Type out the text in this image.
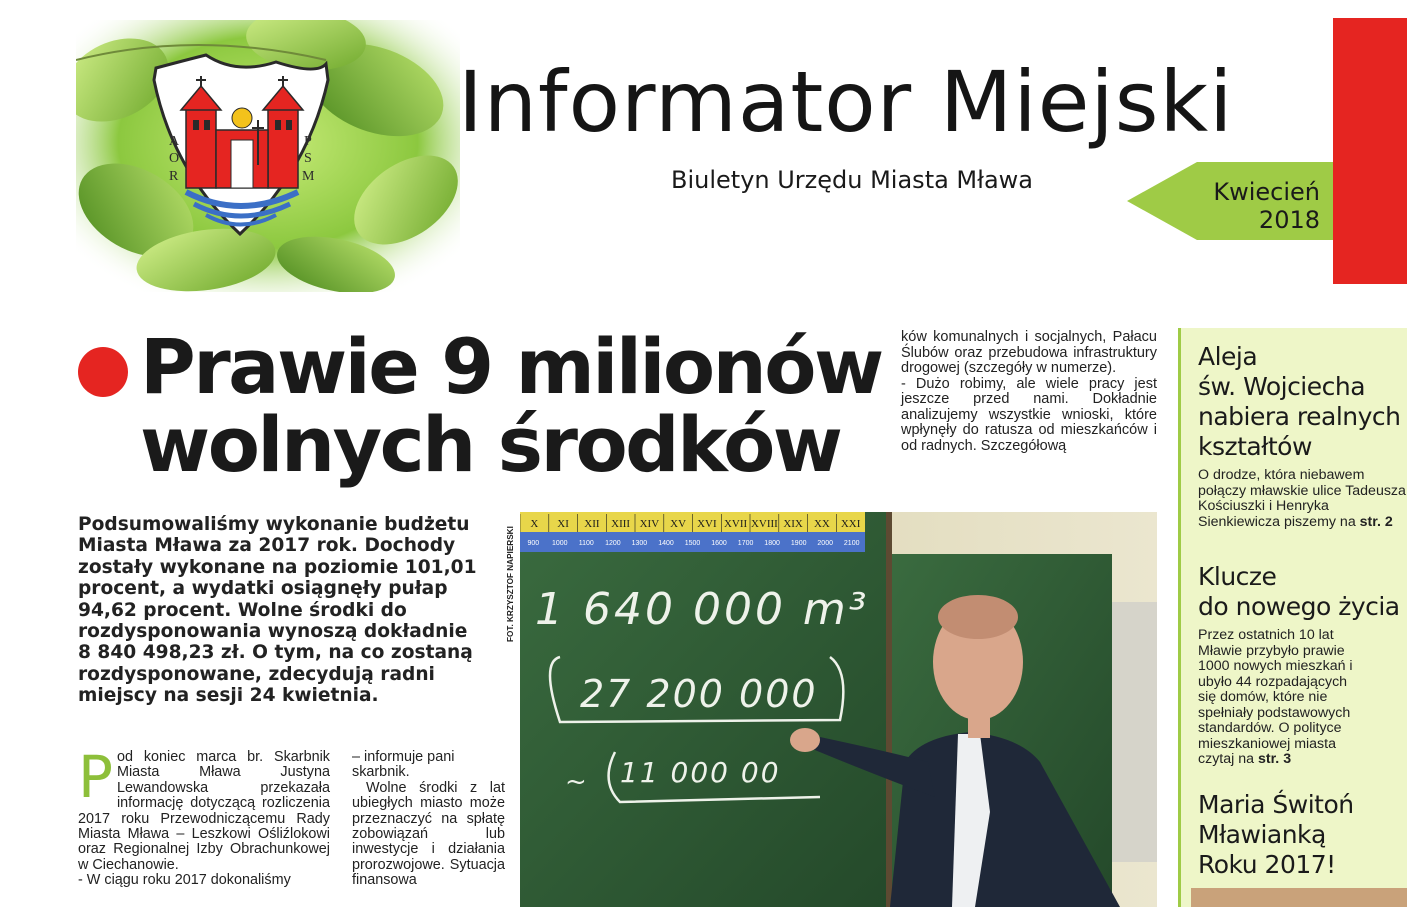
A
O
R
P
S
M
Informator Miejski
Biuletyn Urzędu Miasta Mława	Kwiecień
2018
Prawie 9 milionów
wolnych środków

ków komunalnych i socjalnych, Pałacu Ślubów oraz przebudowa infrastruktury drogowej (szczegóły w numerze).

- Dużo robimy, ale wiele pracy jest jeszcze przed nami. Dokładnie analizujemy wszystkie wnioski, które wpłynęły do ratusza od mieszkańców i od radnych. Szczegółową

Podsumowaliśmy wykonanie budżetu Miasta Mława za 2017 rok. Dochody zostały wykonane na poziomie 101,01 procent, a wydatki osiągnęły pułap 94,62 procent. Wolne środki do rozdysponowania wynoszą dokładnie 8 840 498,23 zł. O tym, na co zostaną rozdysponowane, zdecydują radni miejscy na sesji 24 kwietnia.
P od koniec marca br. Skarbnik Miasta Mława Justyna Lewandowska przekazała informację dotyczącą rozliczenia 2017 roku Przewodniczącemu Rady Miasta Mława – Leszkowi Ośliźlokowi oraz Regionalnej Izby Obrachunkowej w Ciechanowie.

- W ciągu roku 2017 dokonaliśmy

– informuje pani skarbnik.

Wolne środki z lat ubiegłych miasto może przeznaczyć na spłatę zobowiązań lub inwestycje i działania prorozwojowe. Sytuacja finansowa

FOT. KRZYSZTOF NAPIERSKI
X XI XII XIII XIV XV XVI XVII XVIII XIX XX XXI
900 1000 1100 1200 1300 1400 1500 1600 1700 1800 1900 2000 2100
1 640 000 m³
27 200 000
~ 11 000 00
Aleja
św. Wojciecha
nabiera realnych
kształtów
O drodze, która niebawem połączy mławskie ulice Tadeusza Kościuszki i Henryka Sienkiewicza piszemy na str. 2
Klucze
do nowego życia
Przez ostatnich 10 lat Mławie przybyło prawie 1000 nowych mieszkań i ubyło 44 rozpadających się domów, które nie spełniały podstawowych standardów. O polityce mieszkaniowej miasta czytaj na str. 3
Maria Świtoń
Mławianką
Roku 2017!
